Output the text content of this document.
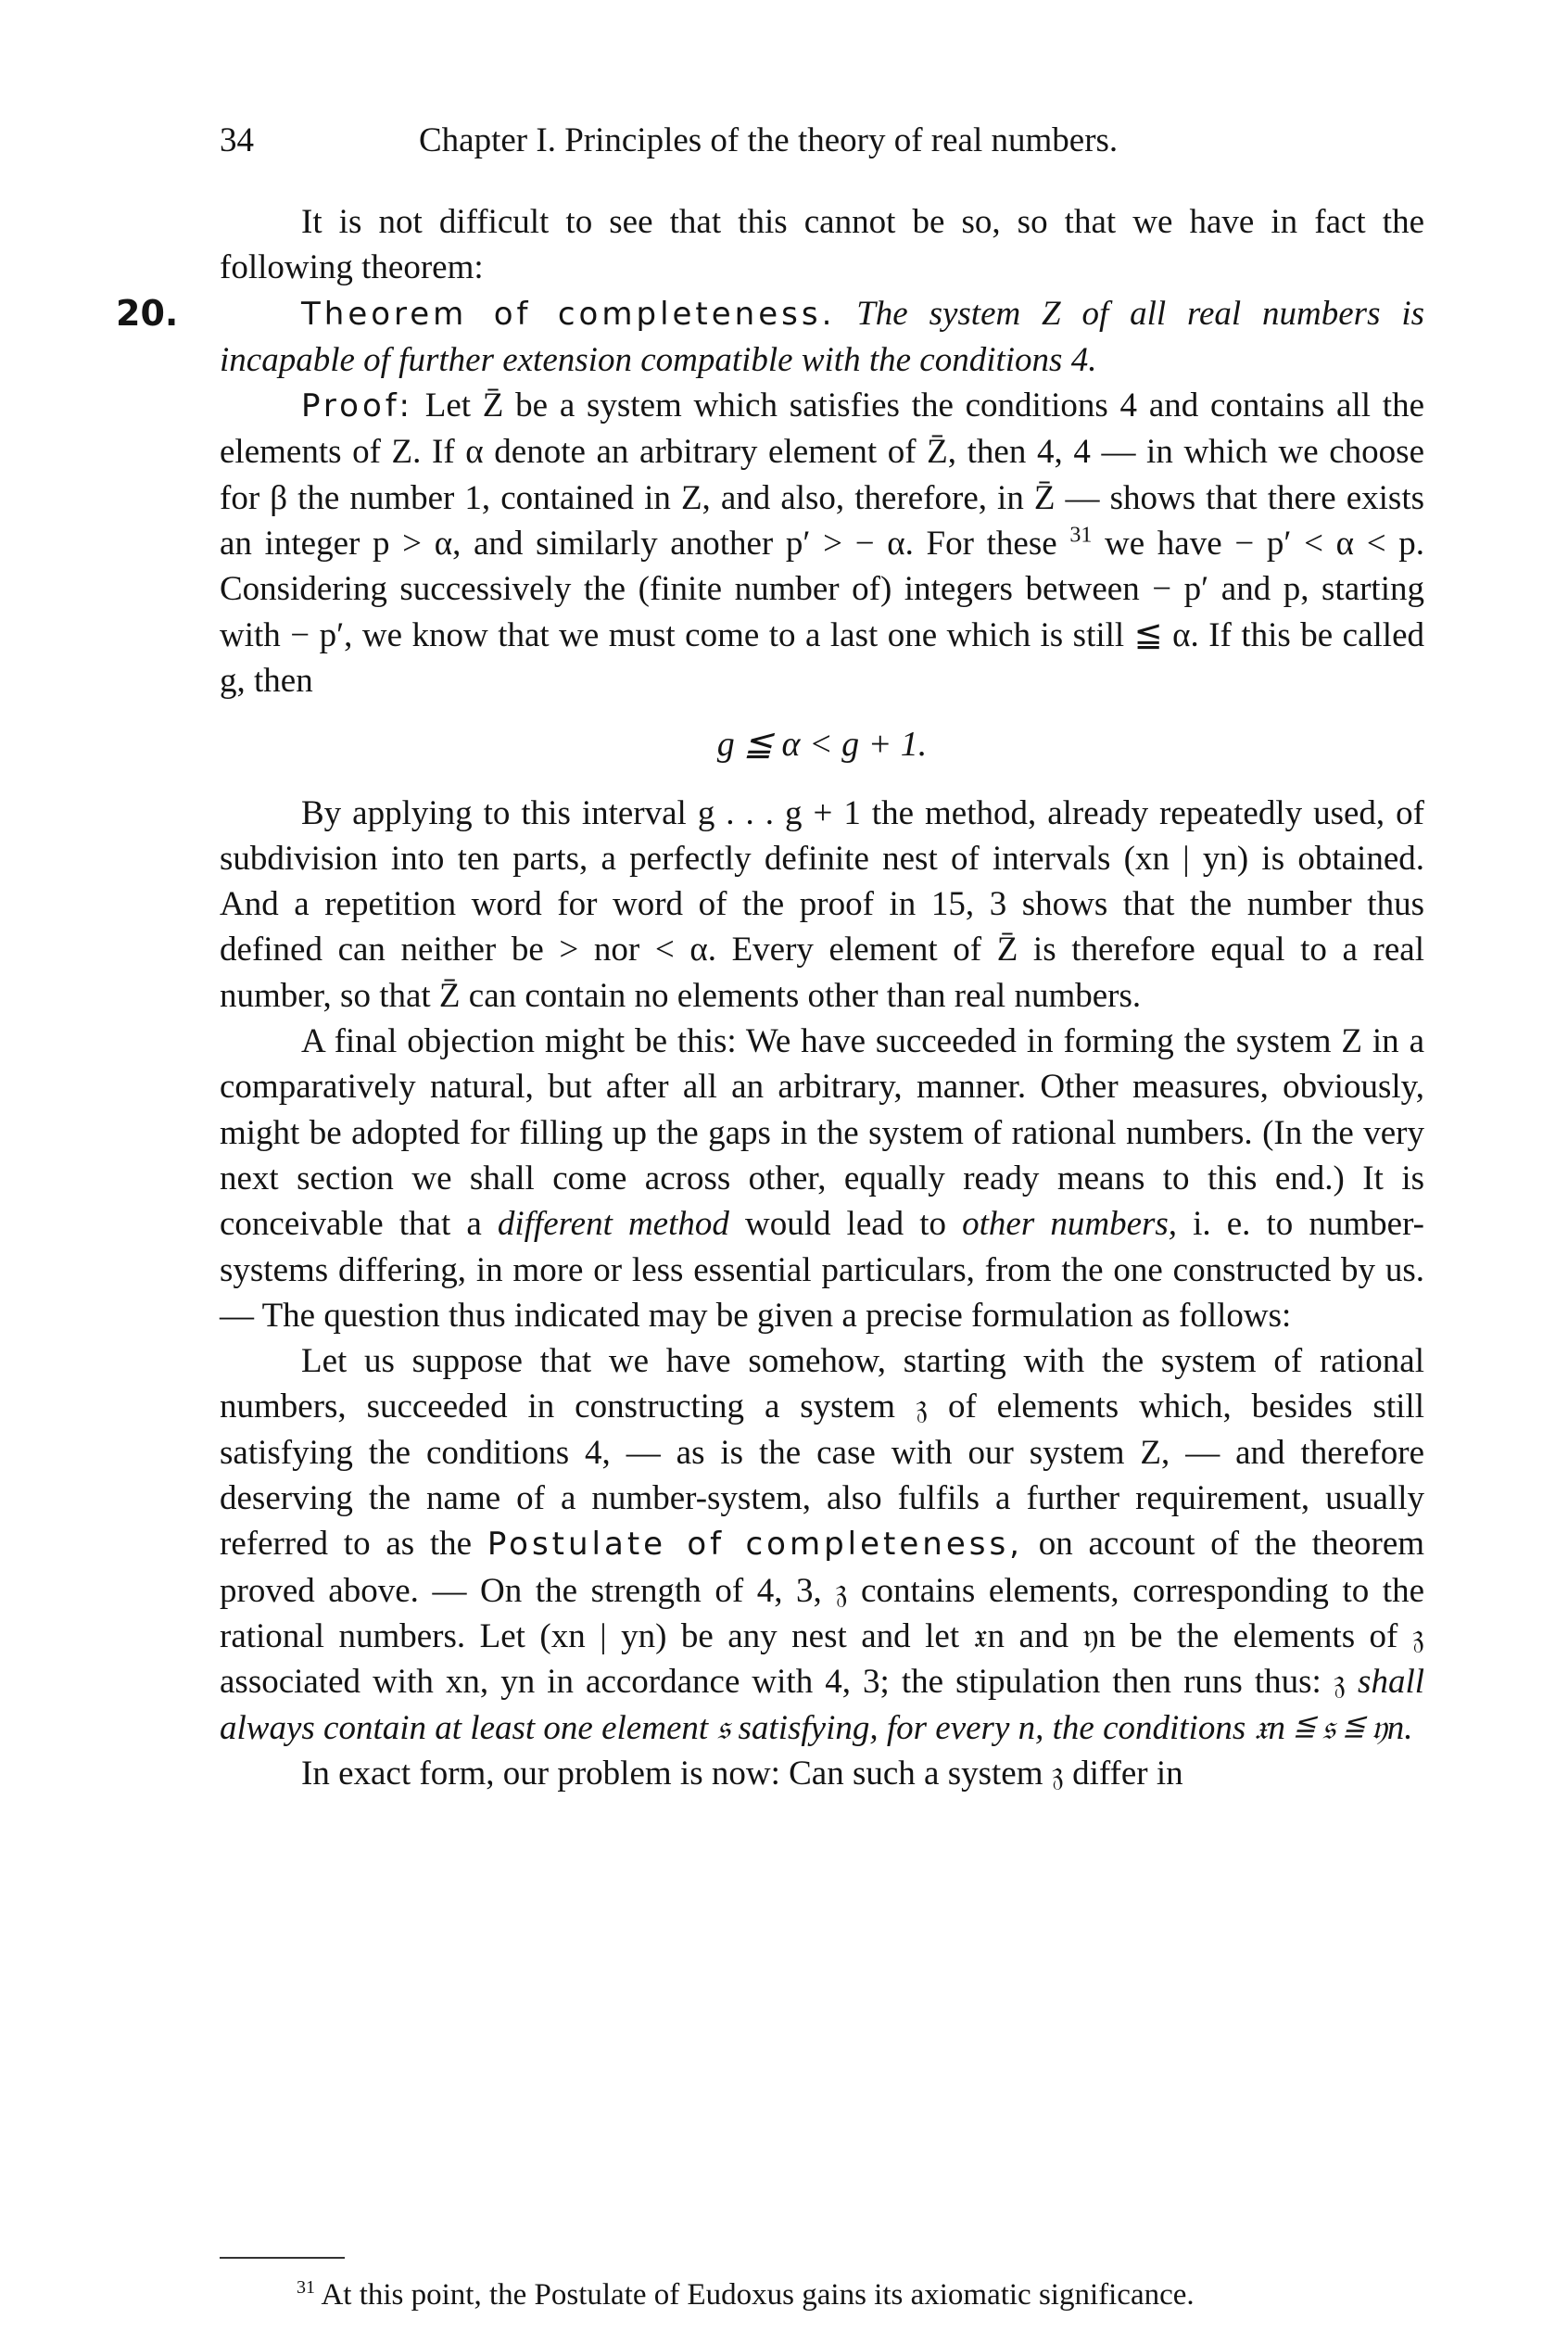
34	Chapter I. Principles of the theory of real numbers.

It is not difficult to see that this cannot be so, so that we have in fact the following theorem:

20.	Theorem of completeness. The system Z of all real numbers is incapable of further extension compatible with the conditions 4.

Proof: Let Z̄ be a system which satisfies the conditions 4 and contains all the elements of Z. If α denote an arbitrary element of Z̄, then 4, 4 — in which we choose for β the number 1, contained in Z, and also, therefore, in Z̄ — shows that there exists an integer p > α, and similarly another p′ > − α. For these $^{31}$ we have − p′ < α < p. Considering successively the (finite number of) integers between − p′ and p, starting with − p′, we know that we must come to a last one which is still ≦ α. If this be called g, then

g ≦ α < g + 1.

By applying to this interval g . . . g + 1 the method, already repeatedly used, of subdivision into ten parts, a perfectly definite nest of intervals (xn | yn) is obtained. And a repetition word for word of the proof in 15, 3 shows that the number thus defined can neither be > nor < α. Every element of Z̄ is therefore equal to a real number, so that Z̄ can contain no elements other than real numbers.

A final objection might be this: We have succeeded in forming the system Z in a comparatively natural, but after all an arbitrary, manner. Other measures, obviously, might be adopted for filling up the gaps in the system of rational numbers. (In the very next section we shall come across other, equally ready means to this end.) It is conceivable that a different method would lead to other numbers, i. e. to number-systems differing, in more or less essential particulars, from the one constructed by us. — The question thus indicated may be given a precise formulation as follows:

Let us suppose that we have somehow, starting with the system of rational numbers, succeeded in constructing a system 𝔷 of elements which, besides still satisfying the conditions 4, — as is the case with our system Z, — and therefore deserving the name of a number-system, also fulfils a further requirement, usually referred to as the Postulate of completeness, on account of the theorem proved above. — On the strength of 4, 3, 𝔷 contains elements, corresponding to the rational numbers. Let (xn | yn) be any nest and let 𝔵n and 𝔶n be the elements of 𝔷 associated with xn, yn in accordance with 4, 3; the stipulation then runs thus: 𝔷 shall always contain at least one element 𝔰 satisfying, for every n, the conditions 𝔵n ≦ 𝔰 ≦ 𝔶n.

In exact form, our problem is now: Can such a system 𝔷 differ in

$^{31}$ At this point, the Postulate of Eudoxus gains its axiomatic significance.
